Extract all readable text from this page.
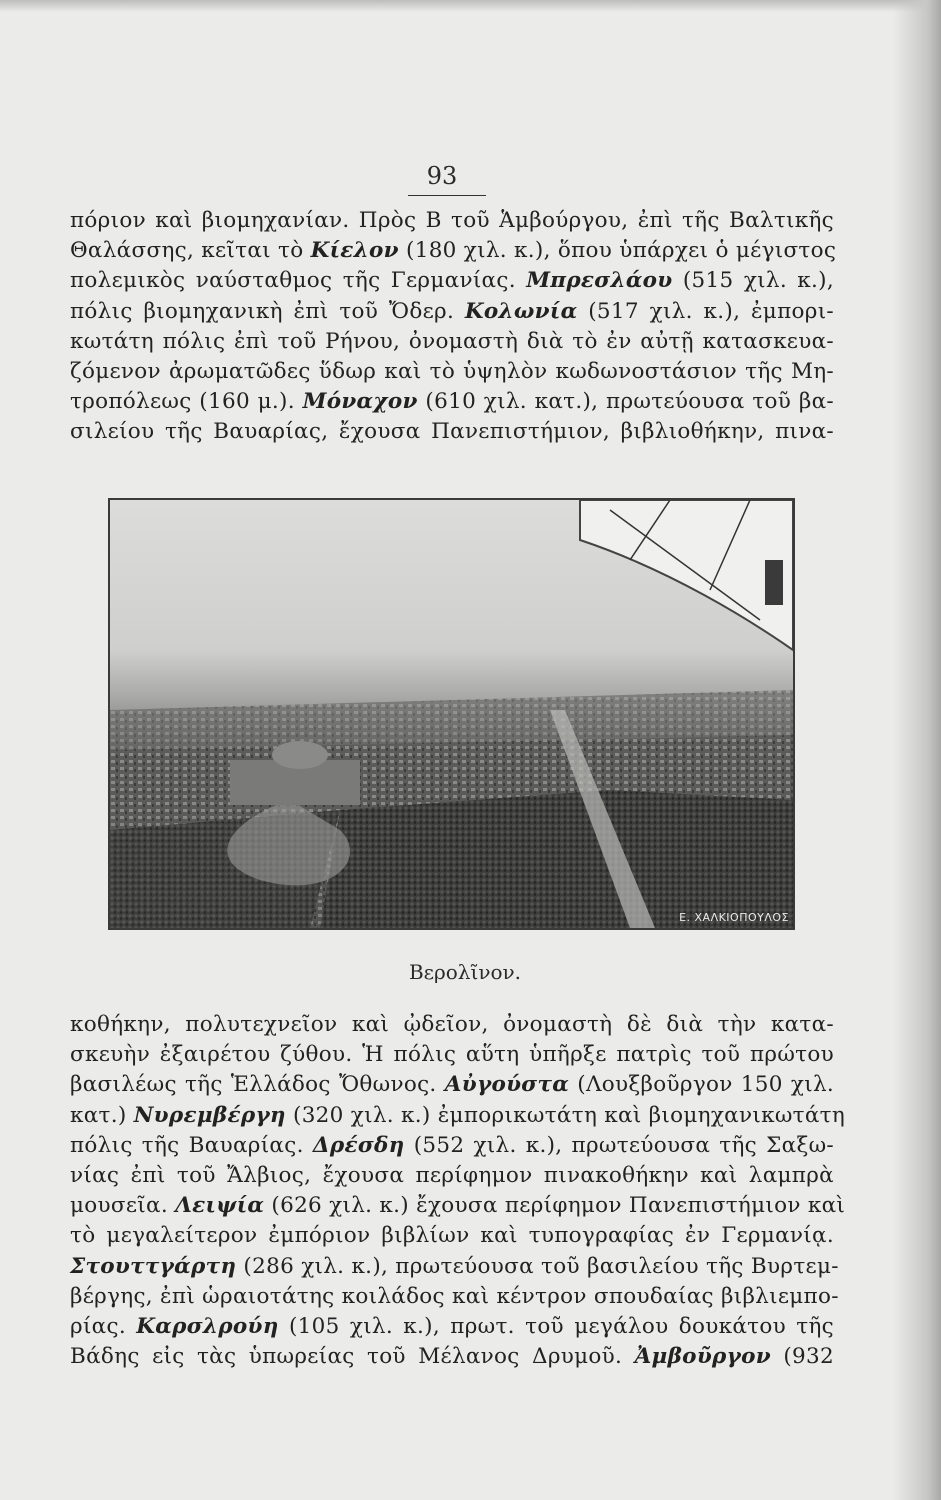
93
πόριον καὶ βιομηχανίαν. Πρὸς Β τοῦ Ἁμβούργου, ἐπὶ τῆς Βαλτικῆς
Θαλάσσης, κεῖται τὸ Κίελον (180 χιλ. κ.), ὅπου ὑπάρχει ὁ μέγιστος
πολεμικὸς ναύσταθμος τῆς Γερμανίας. Μπρεσλάου (515 χιλ. κ.),
πόλις βιομηχανικὴ ἐπὶ τοῦ Ὄδερ. Κολωνία (517 χιλ. κ.), ἐμπορι-
κωτάτη πόλις ἐπὶ τοῦ Ρήνου, ὀνομαστὴ διὰ τὸ ἐν αὐτῇ κατασκευα-
ζόμενον ἀρωματῶδες ὕδωρ καὶ τὸ ὑψηλὸν κωδωνοστάσιον τῆς Μη-
τροπόλεως (160 μ.). Μόναχον (610 χιλ. κατ.), πρωτεύουσα τοῦ βα-
σιλείου τῆς Βαυαρίας, ἔχουσα Πανεπιστήμιον, βιβλιοθήκην, πινα-
Ε. ΧΑΛΚΙΟΠΟΥΛΟΣ
Βερολῖνον.
κοθήκην, πολυτεχνεῖον καὶ ᾠδεῖον, ὀνομαστὴ δὲ διὰ τὴν κατα-
σκευὴν ἐξαιρέτου ζύθου. Ἡ πόλις αὕτη ὑπῆρξε πατρὶς τοῦ πρώτου
βασιλέως τῆς Ἑλλάδος Ὄθωνος. Αὐγούστα (Λουξβοῦργον 150 χιλ.
κατ.) Νυρεμβέργη (320 χιλ. κ.) ἐμπορικωτάτη καὶ βιομηχανικωτάτη
πόλις τῆς Βαυαρίας. Δρέσδη (552 χιλ. κ.), πρωτεύουσα τῆς Σαξω-
νίας ἐπὶ τοῦ Ἄλβιος, ἔχουσα περίφημον πινακοθήκην καὶ λαμπρὰ
μουσεῖα. Λειψία (626 χιλ. κ.) ἔχουσα περίφημον Πανεπιστήμιον καὶ
τὸ μεγαλείτερον ἐμπόριον βιβλίων καὶ τυπογραφίας ἐν Γερμανίᾳ.
Στουττγάρτη (286 χιλ. κ.), πρωτεύουσα τοῦ βασιλείου τῆς Βυρτεμ-
βέργης, ἐπὶ ὡραιοτάτης κοιλάδος καὶ κέντρον σπουδαίας βιβλιεμπο-
ρίας. Καρσλρούη (105 χιλ. κ.), πρωτ. τοῦ μεγάλου δουκάτου τῆς
Βάδης εἰς τὰς ὑπωρείας τοῦ Μέλανος Δρυμοῦ. Ἀμβοῦργον (932
